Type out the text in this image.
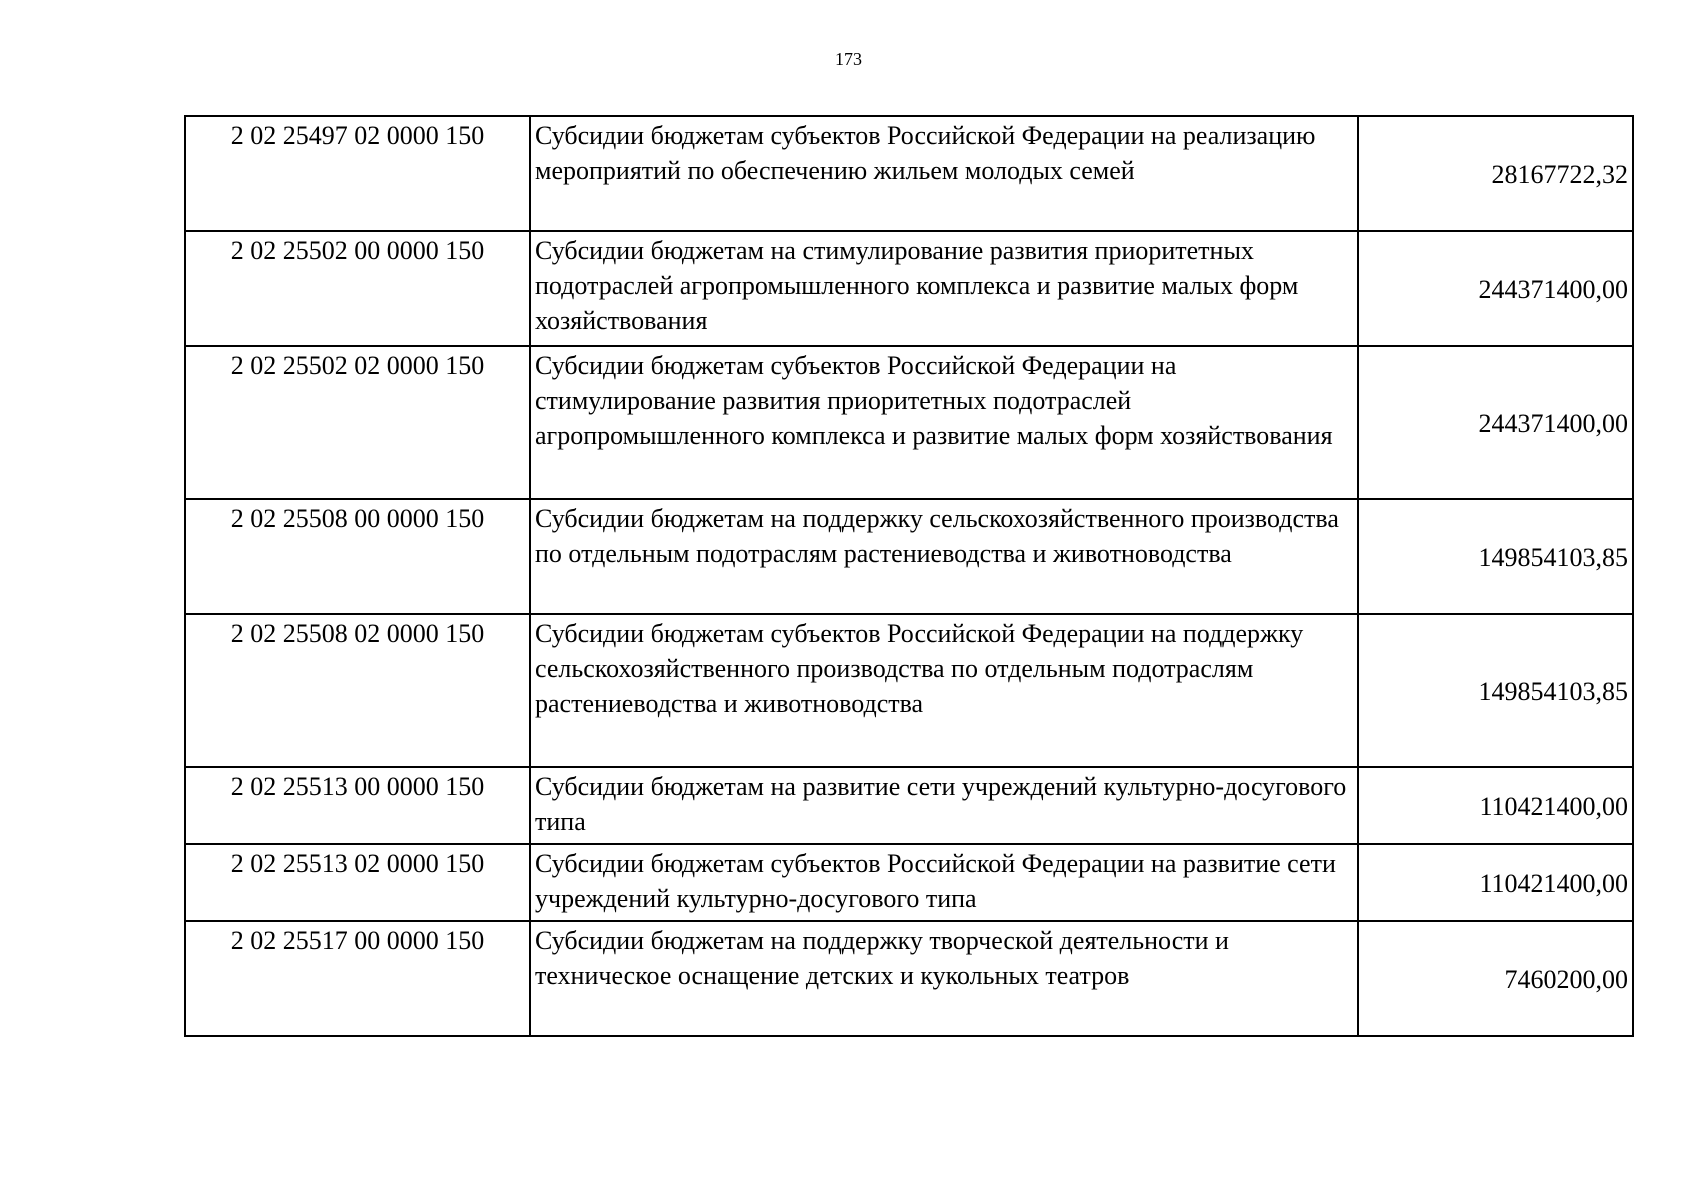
173
2 02 25497 02 0000 150	Субсидии бюджетам субъектов Российской Федерации на реализацию мероприятий по обеспечению жильем молодых семей	28167722,32
2 02 25502 00 0000 150	Субсидии бюджетам на стимулирование развития приоритетных подотраслей агропромышленного комплекса и развитие малых форм хозяйствования	244371400,00
2 02 25502 02 0000 150	Субсидии бюджетам субъектов Российской Федерации на стимулирование развития приоритетных подотраслей агропромышленного комплекса и развитие малых форм хозяйствования	244371400,00
2 02 25508 00 0000 150	Субсидии бюджетам на поддержку сельскохозяйственного производства по отдельным подотраслям растениеводства и животноводства	149854103,85
2 02 25508 02 0000 150	Субсидии бюджетам субъектов Российской Федерации на поддержку сельскохозяйственного производства по отдельным подотраслям растениеводства и животноводства	149854103,85
2 02 25513 00 0000 150	Субсидии бюджетам на развитие сети учреждений культурно-досугового типа	110421400,00
2 02 25513 02 0000 150	Субсидии бюджетам субъектов Российской Федерации на развитие сети учреждений культурно-досугового типа	110421400,00
2 02 25517 00 0000 150	Субсидии бюджетам на поддержку творческой деятельности и техническое оснащение детских и кукольных театров	7460200,00
